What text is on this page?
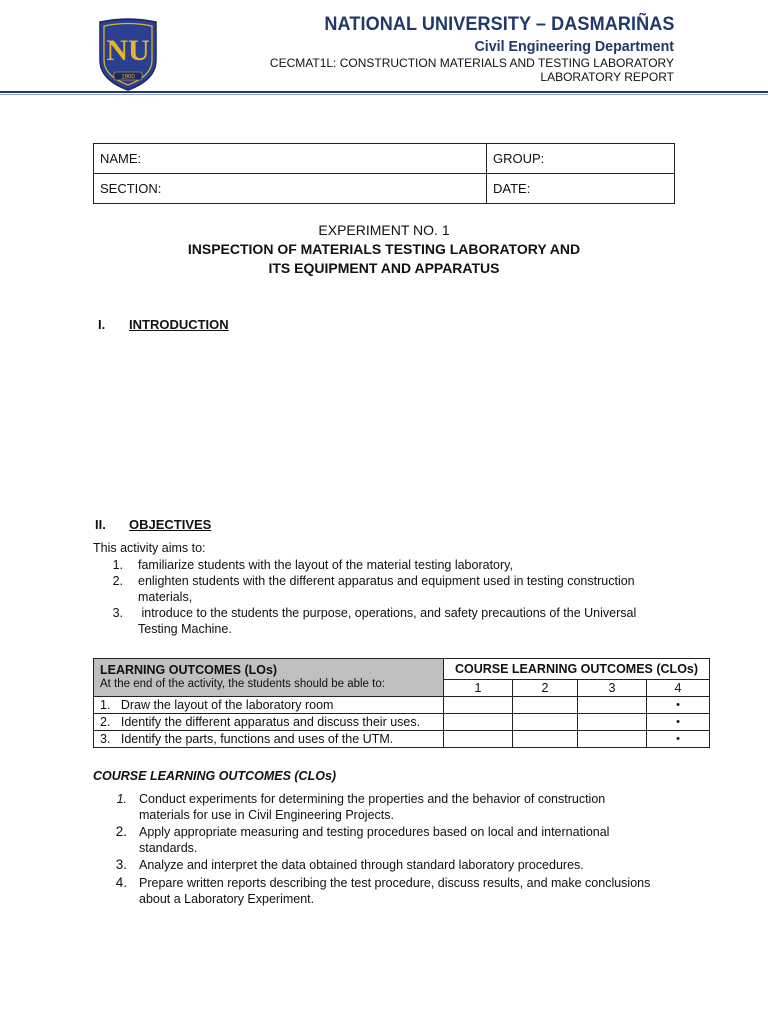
NU
1900
NATIONAL UNIVERSITY – DASMARIÑAS
Civil Engineering Department
CECMAT1L: CONSTRUCTION MATERIALS AND TESTING LABORATORY
LABORATORY REPORT
NAME:	GROUP:
SECTION:	DATE:
EXPERIMENT NO. 1
INSPECTION OF MATERIALS TESTING LABORATORY AND
ITS EQUIPMENT AND APPARATUS
I. INTRODUCTION
II. OBJECTIVES
This activity aims to:
1. familiarize students with the layout of the material testing laboratory,
2. enlighten students with the different apparatus and equipment used in testing construction
materials,
3. introduce to the students the purpose, operations, and safety precautions of the Universal
Testing Machine.
LEARNING OUTCOMES (LOs)
At the end of the activity, the students should be able to:	COURSE LEARNING OUTCOMES (CLOs)			
	1	2	3	4
1.   Draw the layout of the laboratory room				•
2.   Identify the different apparatus and discuss their uses.				•
3.   Identify the parts, functions and uses of the UTM.				•
COURSE LEARNING OUTCOMES (CLOs)
1. Conduct experiments for determining the properties and the behavior of construction
materials for use in Civil Engineering Projects.
2. Apply appropriate measuring and testing procedures based on local and international
standards.
3. Analyze and interpret the data obtained through standard laboratory procedures.
4. Prepare written reports describing the test procedure, discuss results, and make conclusions
about a Laboratory Experiment.
